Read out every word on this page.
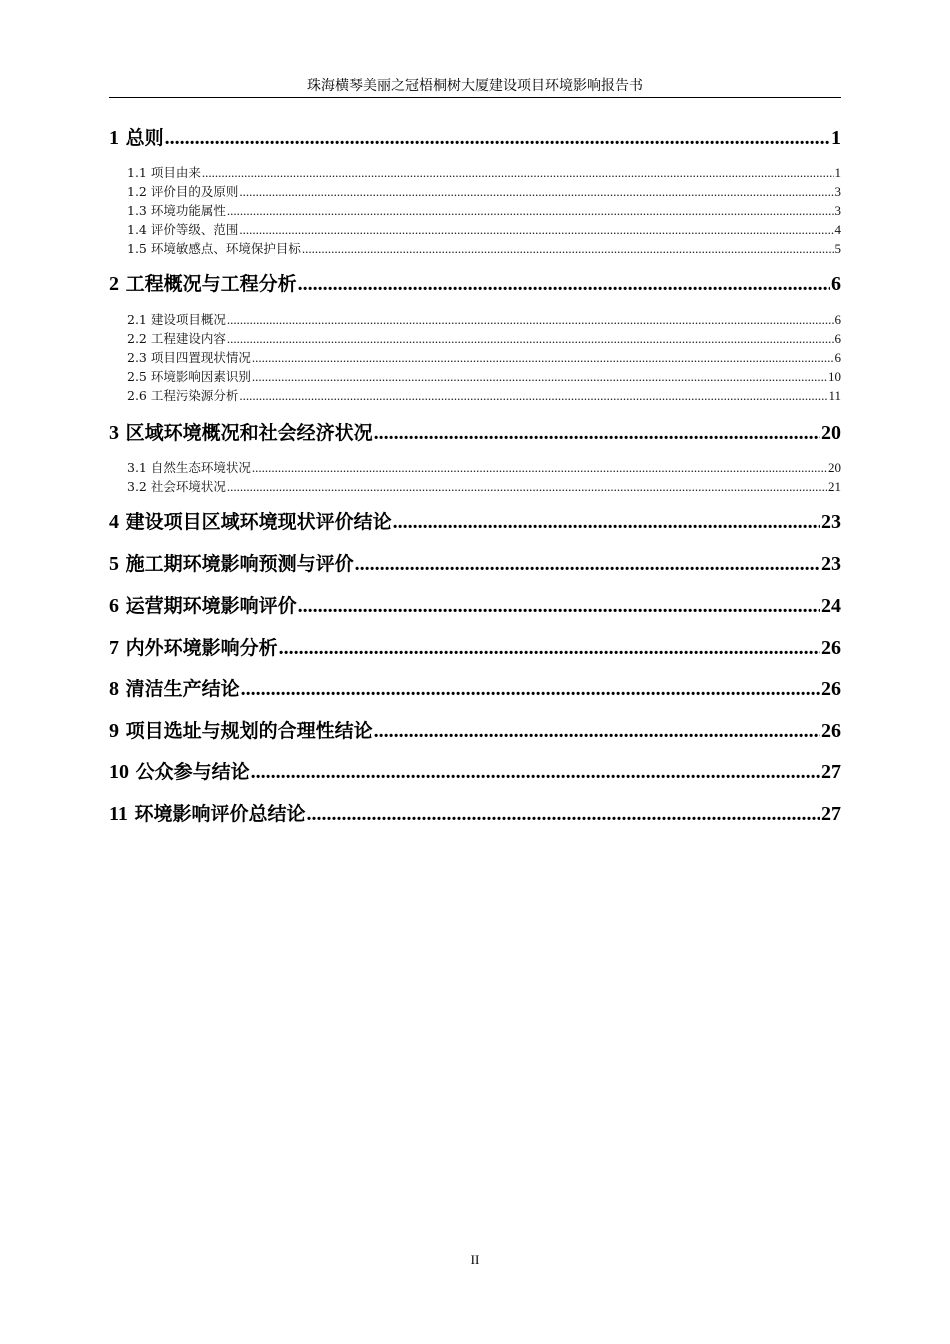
珠海横琴美丽之冠梧桐树大厦建设项目环境影响报告书
1 总则 .....	1
1.1 项目由来 .....	1
1.2 评价目的及原则 .....	3
1.3 环境功能属性 .....	3
1.4 评价等级、范围 .....	4
1.5 环境敏感点、环境保护目标 .....	5
2 工程概况与工程分析 .....	6
2.1 建设项目概况 .....	6
2.2 工程建设内容 .....	6
2.3 项目四置现状情况 .....	6
2.5 环境影响因素识别 .....	10
2.6 工程污染源分析 .....	11
3 区域环境概况和社会经济状况 .....	20
3.1 自然生态环境状况 .....	20
3.2 社会环境状况 .....	21
4 建设项目区域环境现状评价结论 .....	23
5 施工期环境影响预测与评价 .....	23
6 运营期环境影响评价 .....	24
7 内外环境影响分析 .....	26
8 清洁生产结论 .....	26
9 项目选址与规划的合理性结论 .....	26
10 公众参与结论 .....	27
11 环境影响评价总结论 .....	27
II
